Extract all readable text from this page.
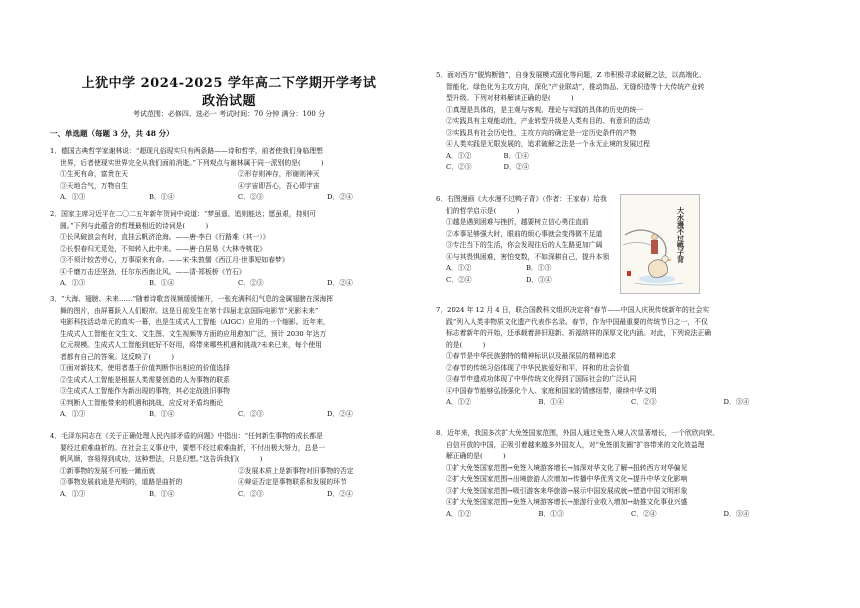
上犹中学 2024-2025 学年高二下学期开学考试
政治试题
考试范围：必修四、选必一 考试时间：70 分钟 满分：100 分
一、单选题（每题 3 分，共 48 分）

1．德国古典哲学家谢林说：“超现凡俗现实只有两条路——诗和哲学，前者使我们身临理想

世界，后者使现实世界完全从我们面前消逝。”下列观点与谢林属于同一派别的是(　　　)

①生死有命，富贵在天	②形存则神存，形谢则神灭

③天地合气，万物自生	④宇宙即吾心，吾心即宇宙

A．①③	B．①④	C．②③	D．②④

2．国家主席习近平在二〇二五年新年贺词中说道：“梦虽遥，追则能达；愿虽艰，持则可

圆。”下列与此蕴含的哲理最相近的诗词是(　　　)

①长风破浪会有时，直挂云帆济沧海。——唐·李白《行路难（其一）》

②长恨春归无觅处，不知转入此中来。——唐·白居易《大林寺桃花》

③不须计较苦劳心，万事原来有命。——宋·朱敦儒《西江月·世事短如春梦》

④千磨万击还坚劲，任尔东西南北风。——清·郑板桥《竹石》

A．①③	B．①④	C．②③	D．②④

3．“大海、翅膀、未来……”随着诗歌音视频缓缓铺开，一张充满科幻气息的金属翅膀在深海挥

舞的图片，由屏幕跃入人们眼帘。这是日前发生在第十四届北京国际电影节“光影未来”

电影科技活动单元的真实一幕，也是生成式人工智能（AIGC）应用的一个缩影。近年来，

生成式人工智能在文生文、文生图、文生视频等方面的应用愈加广泛，预计 2030 年达万

亿元规模。生成式人工智能到底好不好用，将带来哪些机遇和挑战?未来已来，每个使用

者都有自己的答案。这反映了(　　　)

①面对新技术，使用者基于价值判断作出相应的价值选择

②生成式人工智能是根据人类需要创造的人为事物的联系

③生成式人工智能作为新出现的事物，其必定战胜旧事物

④判断人工智能带来的机遇和挑战，应反对矛盾均衡论

A．①③	B．①④	C．②③	D．②④

4．毛泽东同志在《关于正确处理人民内部矛盾的问题》中指出：“任何新生事物的成长都是

要经过艰难曲折的。在社会主义事业中，要想不经过艰难曲折，不付出极大努力，总是一

帆风顺，容易得到成功，这种想法，只是幻想。”这告诉我们(　　　)

①新事物的发展不可能一蹴而就	②发展本质上是新事物对旧事物的否定

③事物发展前途是光明的，道路是曲折的	④辩证否定是事物联系和发展的环节

A．①③	B．①④	C．②③	D．②④

5．面对西方“脱钩断链”，自身发展模式固化等问题，Z 市积极寻求破解之法，以高端化、

智能化、绿色化为主攻方向，深化“产业联动”，推动饰品、无缝织造等十大传统产业转

型升级。下列对材料解读正确的是(　　　)

①真理是具体的，是主观与客观、理论与实践的具体的历史的统一

②实践具有主观能动性，产业转型升级是人类有目的、有意识的活动

③实践具有社会历史性，主攻方向的确定是一定历史条件的产物

④人类实践是无限发展的，追求破解之法是一个永无止境的发展过程

A．①②	B．①④

C．②③	D．②④

6．右图漫画《大水漫不过鸭子背》（作者：王家春）给我

们的哲学启示是(　　　)

①越是遇到困难与挫折，越要树立信心勇往直前

②本事足够强大时，眼前的烦心事就会变得微不足道

③专注当下的生活，你会发现往后的人生路更加广阔

④与其畏惧困难，害怕变数，不如深耕自己，提升本领

A．①②	B．①③

C．②④	D．③④

大水漫不过鸭子背

7．2024 年 12 月 4 日，联合国教科文组织决定将“春节——中国人庆祝传统新年的社会实

践”列入人类非物质文化遗产代表作名录。春节，作为中国最重要的传统节日之一，不仅

标志着新年的开始，还承载着辞旧迎新、祈福纳祥的深厚文化内涵。对此，下列说法正确

的是(　　　)

①春节是中华民族独特的精神标识以及最深层的精神追求

②春节的传统习俗体现了中华民族爱好和平、祥和的社会价值

③春节申遗成功体现了中华传统文化得到了国际社会的广泛认同

④中国春节能够弘扬强化个人、家庭和国家的情感纽带，赓续中华文明

A．①②	B．①④	C．②③	D．③④

8．近年来，我国多次扩大免签国家范围，外国人通过免签入境人次显著增长，一个欣欣向荣、

自信开放的中国，正吸引着越来越多外国友人，对“免签朋友圈”扩容带来的文化效益理

解正确的是(　　　)

①扩大免签国家范围→免签入境游客增长→加深对华文化了解→扭转西方对华偏见

②扩大免签国家范围→出境旅游人次增加→传播中华优秀文化→提升中华文化影响

③扩大免签国家范围→吸引游客来华旅游→展示中国发展成就→塑造中国文明形象

④扩大免签国家范围→免签入境游客增长→旅游行业收入增加→助推文化事业兴盛

A．①②	B．①③	C．②④	D．③④
